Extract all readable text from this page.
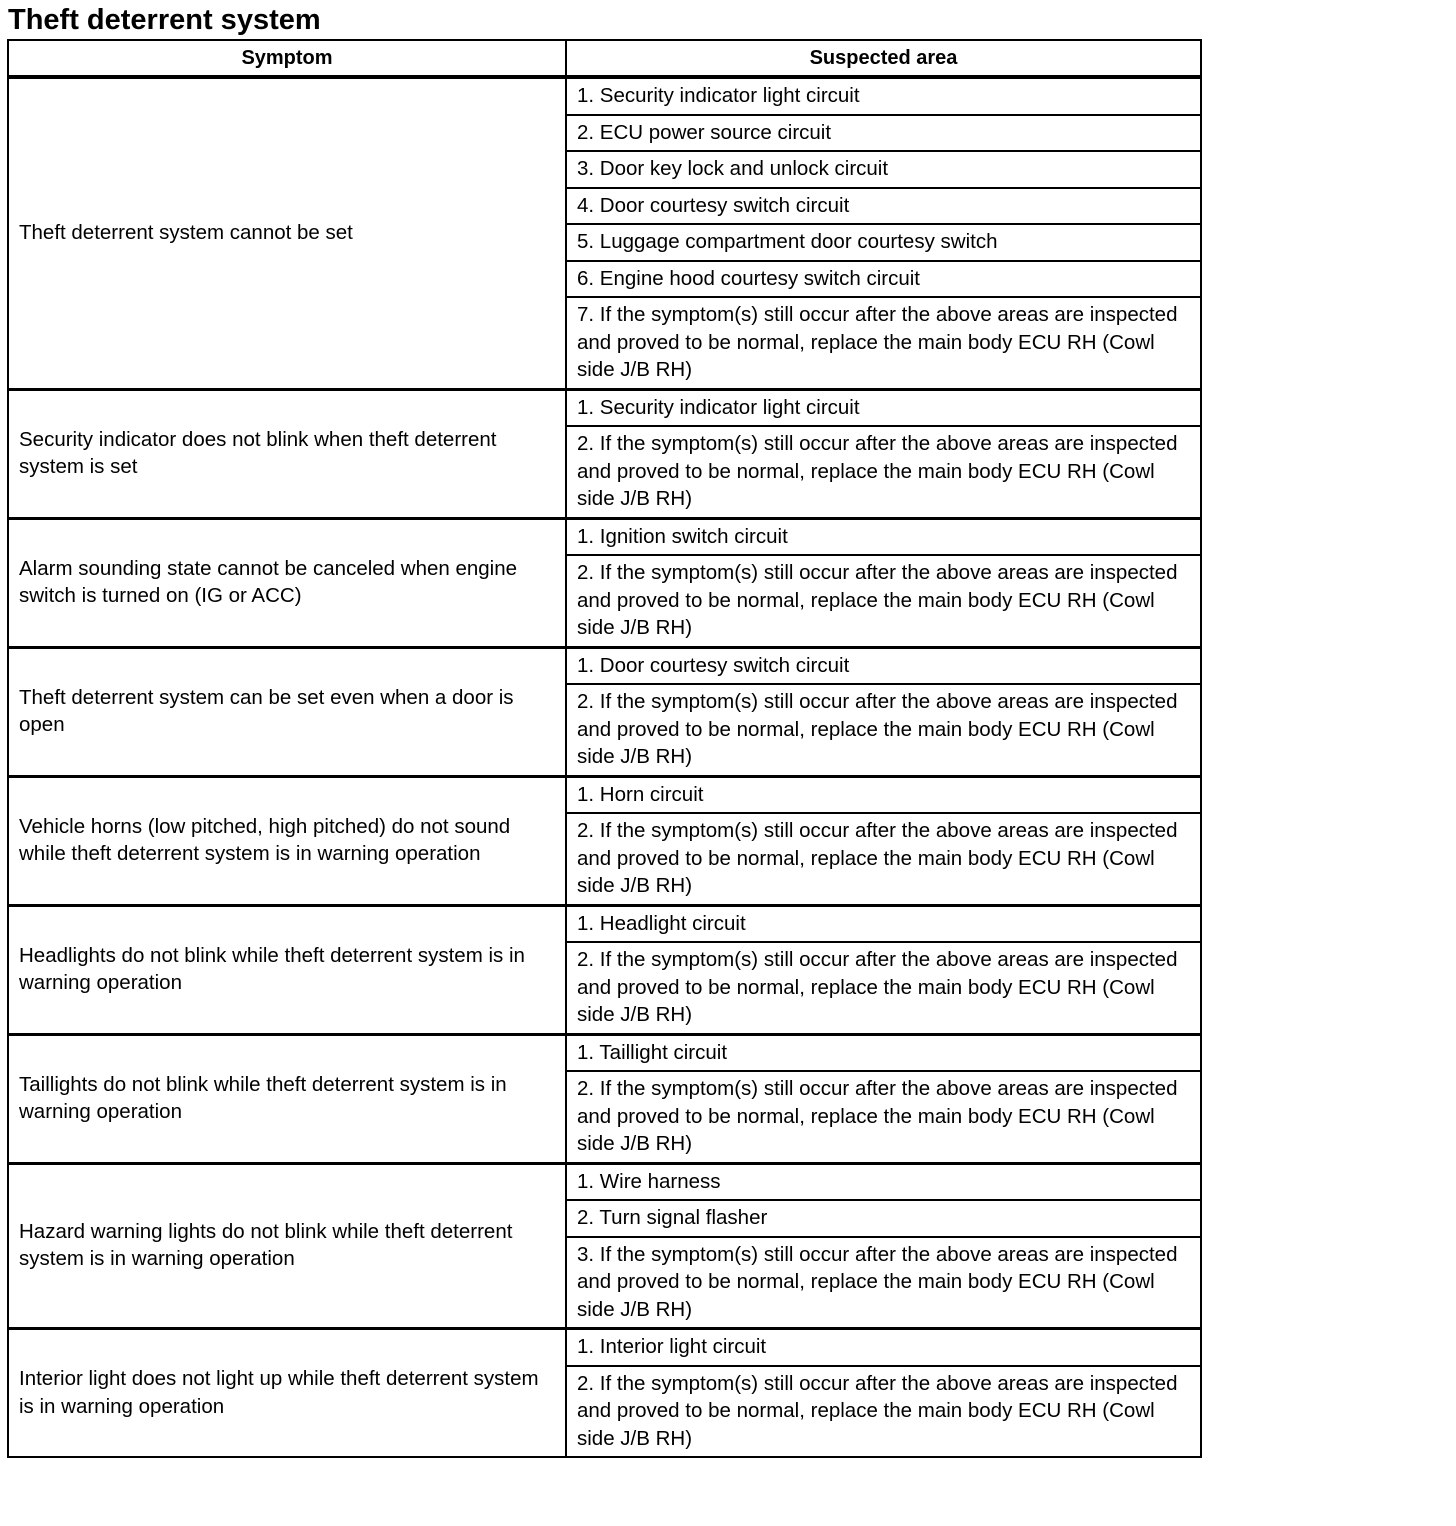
Theft deterrent system
Symptom	Suspected area
Theft deterrent system cannot be set	1. Security indicator light circuit
	2. ECU power source circuit
	3. Door key lock and unlock circuit
	4. Door courtesy switch circuit
	5. Luggage compartment door courtesy switch
	6. Engine hood courtesy switch circuit
	7. If the symptom(s) still occur after the above areas are inspected and proved to be normal, replace the main body ECU RH (Cowl side J/B RH)
Security indicator does not blink when theft deterrent system is set	1. Security indicator light circuit
	2. If the symptom(s) still occur after the above areas are inspected and proved to be normal, replace the main body ECU RH (Cowl side J/B RH)
Alarm sounding state cannot be canceled when engine switch is turned on (IG or ACC)	1. Ignition switch circuit
	2. If the symptom(s) still occur after the above areas are inspected and proved to be normal, replace the main body ECU RH (Cowl side J/B RH)
Theft deterrent system can be set even when a door is open	1. Door courtesy switch circuit
	2. If the symptom(s) still occur after the above areas are inspected and proved to be normal, replace the main body ECU RH (Cowl side J/B RH)
Vehicle horns (low pitched, high pitched) do not sound while theft deterrent system is in warning operation	1. Horn circuit
	2. If the symptom(s) still occur after the above areas are inspected and proved to be normal, replace the main body ECU RH (Cowl side J/B RH)
Headlights do not blink while theft deterrent system is in warning operation	1. Headlight circuit
	2. If the symptom(s) still occur after the above areas are inspected and proved to be normal, replace the main body ECU RH (Cowl side J/B RH)
Taillights do not blink while theft deterrent system is in warning operation	1. Taillight circuit
	2. If the symptom(s) still occur after the above areas are inspected and proved to be normal, replace the main body ECU RH (Cowl side J/B RH)
Hazard warning lights do not blink while theft deterrent system is in warning operation	1. Wire harness
	2. Turn signal flasher
	3. If the symptom(s) still occur after the above areas are inspected and proved to be normal, replace the main body ECU RH (Cowl side J/B RH)
Interior light does not light up while theft deterrent system is in warning operation	1. Interior light circuit
	2. If the symptom(s) still occur after the above areas are inspected and proved to be normal, replace the main body ECU RH (Cowl side J/B RH)
